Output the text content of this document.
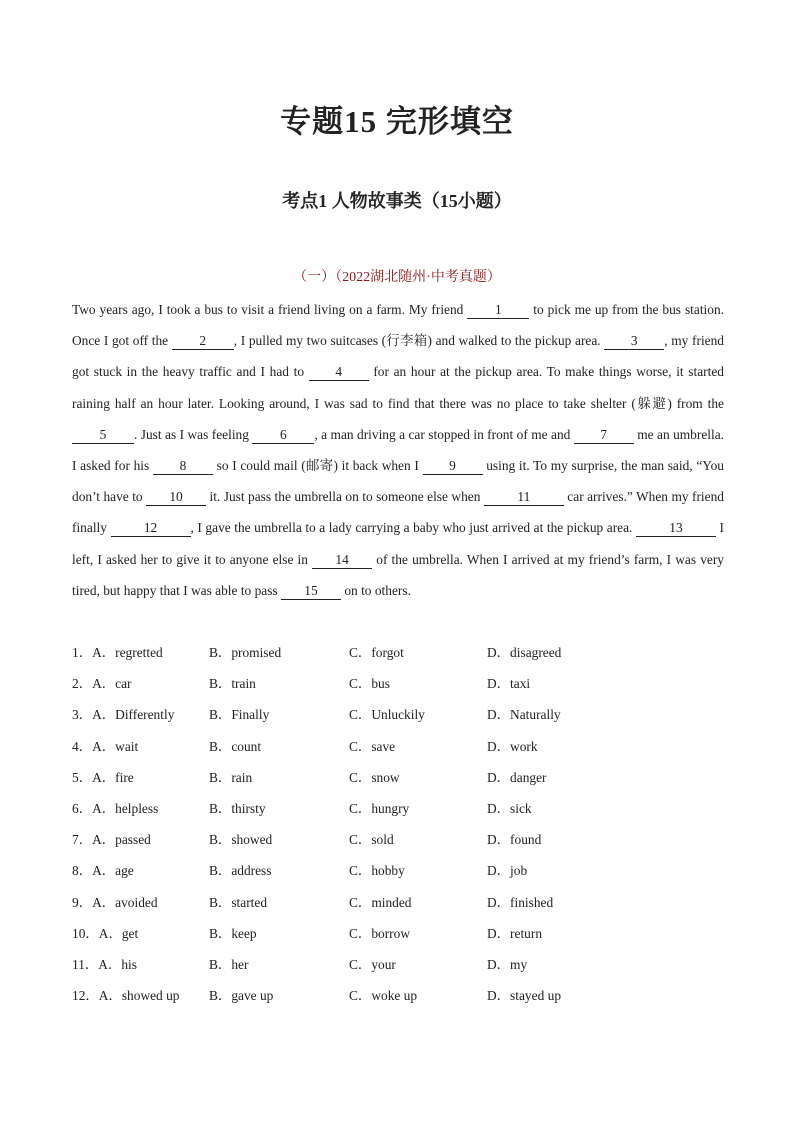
专题15 完形填空
考点1 人物故事类（15小题）
（一）（2022湖北随州·中考真题）

Two years ago, I took a bus to visit a friend living on a farm. My friend 1 to pick me up from the bus station. Once I got off the 2 , I pulled my two suitcases (行李箱) and walked to the pickup area. 3 , my friend got stuck in the heavy traffic and I had to 4 for an hour at the pickup area. To make things worse, it started raining half an hour later. Looking around, I was sad to find that there was no place to take shelter (躲避) from the 5 . Just as I was feeling 6 , a man driving a car stopped in front of me and 7 me an umbrella. I asked for his 8 so I could mail (邮寄) it back when I 9 using it. To my surprise, the man said, “You don’t have to 10 it. Just pass the umbrella on to someone else when	11	car arrives.” When my friend finally 12 , I gave the umbrella to a lady carrying a baby who just arrived at the pickup area. 13 I left, I asked her to give it to anyone else in 14 of the umbrella. When I arrived at my friend’s farm, I was very tired, but happy that I was able to pass 15 on to others.

1．A．regretted	B．promised	C．forgot	D．disagreed
2．A．car	B．train	C．bus	D．taxi
3．A．Differently	B．Finally	C．Unluckily	D．Naturally
4．A．wait	B．count	C．save	D．work
5．A．fire	B．rain	C．snow	D．danger
6．A．helpless	B．thirsty	C．hungry	D．sick
7．A．passed	B．showed	C．sold	D．found
8．A．age	B．address	C．hobby	D．job
9．A．avoided	B．started	C．minded	D．finished
10．A．get	B．keep	C．borrow	D．return
11．A．his	B．her	C．your	D．my
12．A．showed up	B．gave up	C．woke up	D．stayed up
